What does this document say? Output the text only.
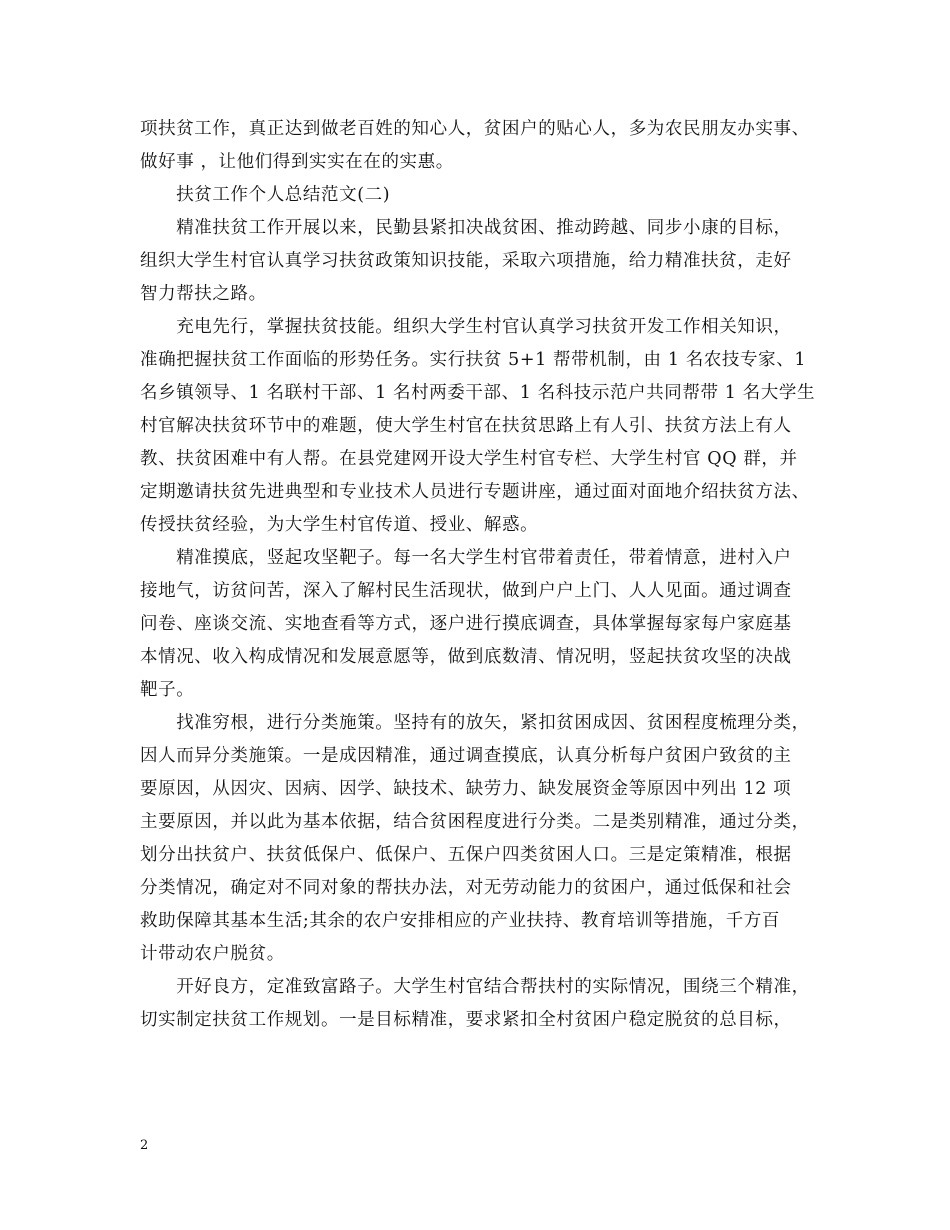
项扶贫工作，真正达到做老百姓的知心人，贫困户的贴心人，多为农民朋友办实事、
做好事 ，让他们得到实实在在的实惠。

　　扶贫工作个人总结范文(二)

　　精准扶贫工作开展以来，民勤县紧扣决战贫困、推动跨越、同步小康的目标，
组织大学生村官认真学习扶贫政策知识技能，采取六项措施，给力精准扶贫，走好
智力帮扶之路。

　　充电先行，掌握扶贫技能。组织大学生村官认真学习扶贫开发工作相关知识，
准确把握扶贫工作面临的形势任务。实行扶贫 5+1 帮带机制，由 1 名农技专家、1
名乡镇领导、1 名联村干部、1 名村两委干部、1 名科技示范户共同帮带 1 名大学生
村官解决扶贫环节中的难题，使大学生村官在扶贫思路上有人引、扶贫方法上有人
教、扶贫困难中有人帮。在县党建网开设大学生村官专栏、大学生村官 QQ 群，并
定期邀请扶贫先进典型和专业技术人员进行专题讲座，通过面对面地介绍扶贫方法、
传授扶贫经验，为大学生村官传道、授业、解惑。

　　精准摸底，竖起攻坚靶子。每一名大学生村官带着责任，带着情意，进村入户
接地气，访贫问苦，深入了解村民生活现状，做到户户上门、人人见面。通过调查
问卷、座谈交流、实地查看等方式，逐户进行摸底调查，具体掌握每家每户家庭基
本情况、收入构成情况和发展意愿等，做到底数清、情况明，竖起扶贫攻坚的决战
靶子。

　　找准穷根，进行分类施策。坚持有的放矢，紧扣贫困成因、贫困程度梳理分类，
因人而异分类施策。一是成因精准，通过调查摸底，认真分析每户贫困户致贫的主
要原因，从因灾、因病、因学、缺技术、缺劳力、缺发展资金等原因中列出 12 项
主要原因，并以此为基本依据，结合贫困程度进行分类。二是类别精准，通过分类，
划分出扶贫户、扶贫低保户、低保户、五保户四类贫困人口。三是定策精准，根据
分类情况，确定对不同对象的帮扶办法，对无劳动能力的贫困户，通过低保和社会
救助保障其基本生活;其余的农户安排相应的产业扶持、教育培训等措施，千方百
计带动农户脱贫。

　　开好良方，定准致富路子。大学生村官结合帮扶村的实际情况，围绕三个精准，
切实制定扶贫工作规划。一是目标精准，要求紧扣全村贫困户稳定脱贫的总目标，

2
